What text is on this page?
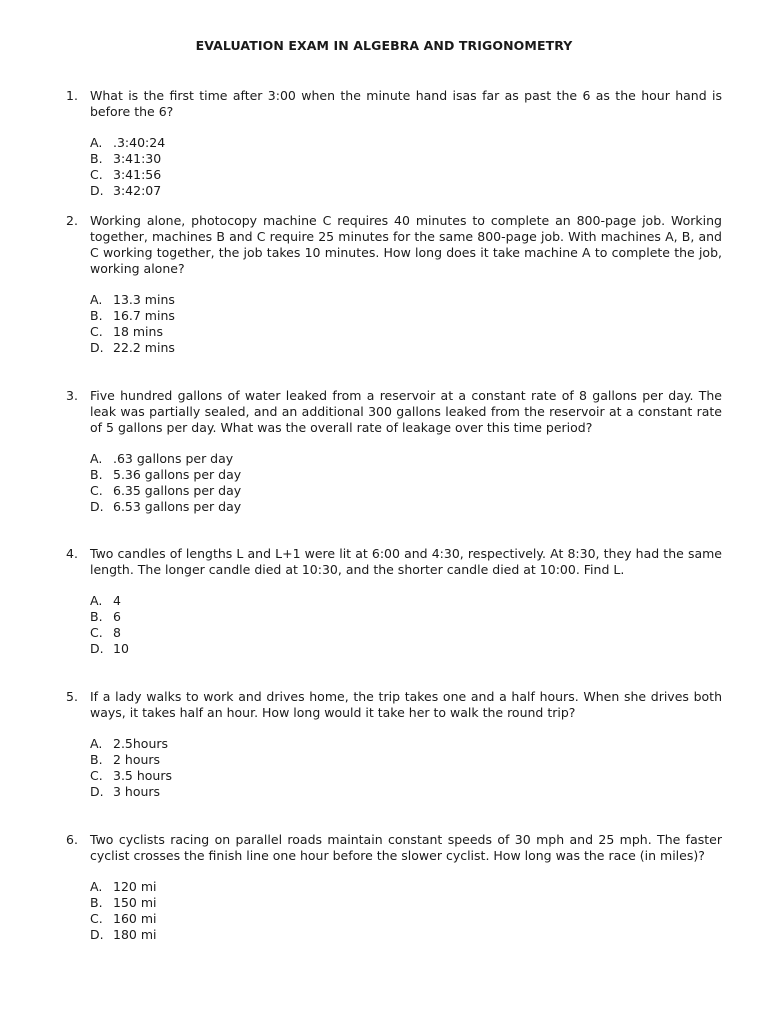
EVALUATION EXAM IN ALGEBRA AND TRIGONOMETRY
1. What is the first time after 3:00 when the minute hand isas far as past the 6 as the hour hand is before the 6?
A. .3:40:24
B. 3:41:30
C. 3:41:56
D. 3:42:07
2. Working alone, photocopy machine C requires 40 minutes to complete an 800-page job. Working together, machines B and C require 25 minutes for the same 800-page job. With machines A, B, and C working together, the job takes 10 minutes. How long does it take machine A to complete the job, working alone?
A. 13.3 mins
B. 16.7 mins
C. 18 mins
D. 22.2 mins
3. Five hundred gallons of water leaked from a reservoir at a constant rate of 8 gallons per day. The leak was partially sealed, and an additional 300 gallons leaked from the reservoir at a constant rate of 5 gallons per day. What was the overall rate of leakage over this time period?
A. .63 gallons per day
B. 5.36 gallons per day
C. 6.35 gallons per day
D. 6.53 gallons per day
4. Two candles of lengths L and L+1 were lit at 6:00 and 4:30, respectively. At 8:30, they had the same length. The longer candle died at 10:30, and the shorter candle died at 10:00. Find L.
A. 4
B. 6
C. 8
D. 10
5. If a lady walks to work and drives home, the trip takes one and a half hours. When she drives both ways, it takes half an hour. How long would it take her to walk the round trip?
A. 2.5hours
B. 2 hours
C. 3.5 hours
D. 3 hours
6. Two cyclists racing on parallel roads maintain constant speeds of 30 mph and 25 mph. The faster cyclist crosses the finish line one hour before the slower cyclist. How long was the race (in miles)?
A. 120 mi
B. 150 mi
C. 160 mi
D. 180 mi
